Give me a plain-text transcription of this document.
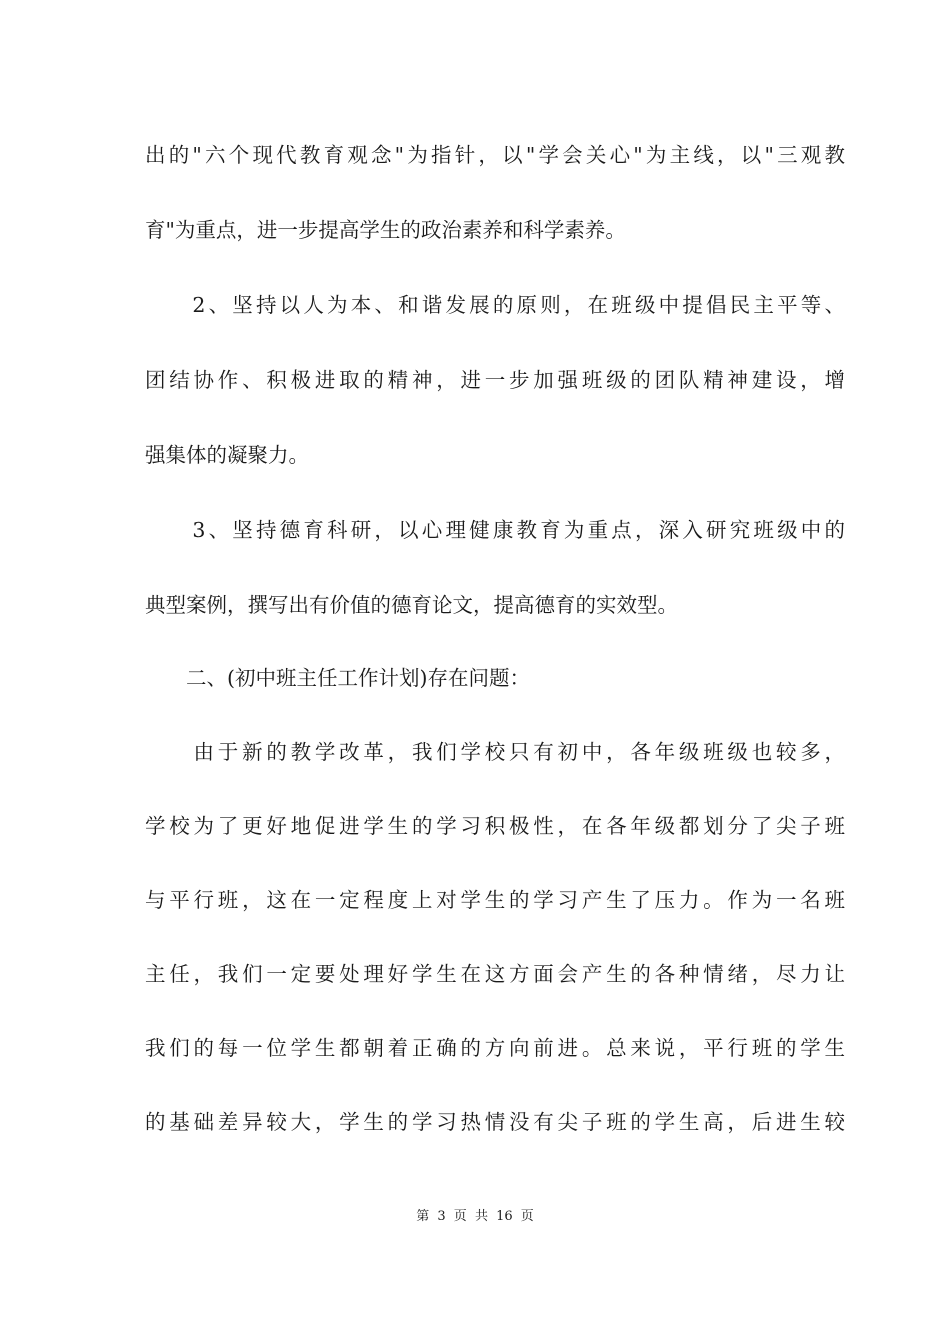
出的"六个现代教育观念"为指针，以"学会关心"为主线，以"三观教
育"为重点，进一步提高学生的政治素养和科学素养。
　　2、坚持以人为本、和谐发展的原则，在班级中提倡民主平等、
团结协作、积极进取的精神，进一步加强班级的团队精神建设，增
强集体的凝聚力。
　　3、坚持德育科研，以心理健康教育为重点，深入研究班级中的
典型案例，撰写出有价值的德育论文，提高德育的实效型。
　　二、(初中班主任工作计划)存在问题：
　　由于新的教学改革，我们学校只有初中，各年级班级也较多，
学校为了更好地促进学生的学习积极性，在各年级都划分了尖子班
与平行班，这在一定程度上对学生的学习产生了压力。作为一名班
主任，我们一定要处理好学生在这方面会产生的各种情绪，尽力让
我们的每一位学生都朝着正确的方向前进。总来说，平行班的学生
的基础差异较大，学生的学习热情没有尖子班的学生高，后进生较
第 3 页 共 16 页
